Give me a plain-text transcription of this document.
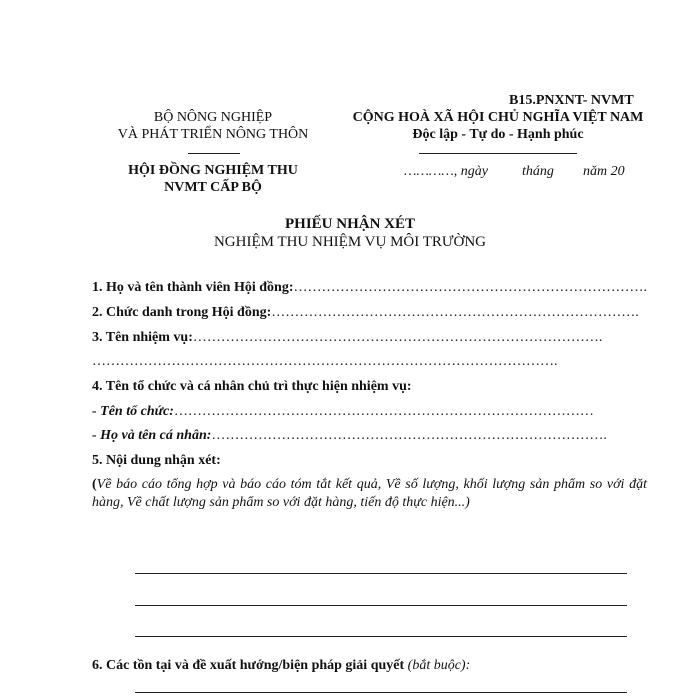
B15.PNXNT- NVMT
BỘ NÔNG NGHIỆP
VÀ PHÁT TRIỂN NÔNG THÔN
HỘI ĐỒNG NGHIỆM THU
NVMT CẤP BỘ
CỘNG HOÀ XÃ HỘI CHỦ NGHĨA VIỆT NAM
Độc lập - Tự do - Hạnh phúc
…………, ngày tháng năm 20
PHIẾU NHẬN XÉT
NGHIỆM THU NHIỆM VỤ MÔI TRƯỜNG
1. Họ và tên thành viên Hội đồng:………………………………………………………………….
2. Chức danh trong Hội đồng:…………………………………………………………………….
3. Tên nhiệm vụ:…………………………………………………………………………….
……………………………………………………………………………………….
4. Tên tổ chức và cá nhân chủ trì thực hiện nhiệm vụ:
- Tên tổ chức:………………………………………………………………………………
- Họ và tên cá nhân:………………………………………………………………………….
5. Nội dung nhận xét:
(Về báo cáo tổng hợp và báo cáo tóm tắt kết quả, Về số lượng, khối lượng sản phẩm so với đặt hàng, Về chất lượng sản phẩm so với đặt hàng, tiến độ thực hiện...)
6. Các tồn tại và đề xuất hướng/biện pháp giải quyết (bắt buộc):
